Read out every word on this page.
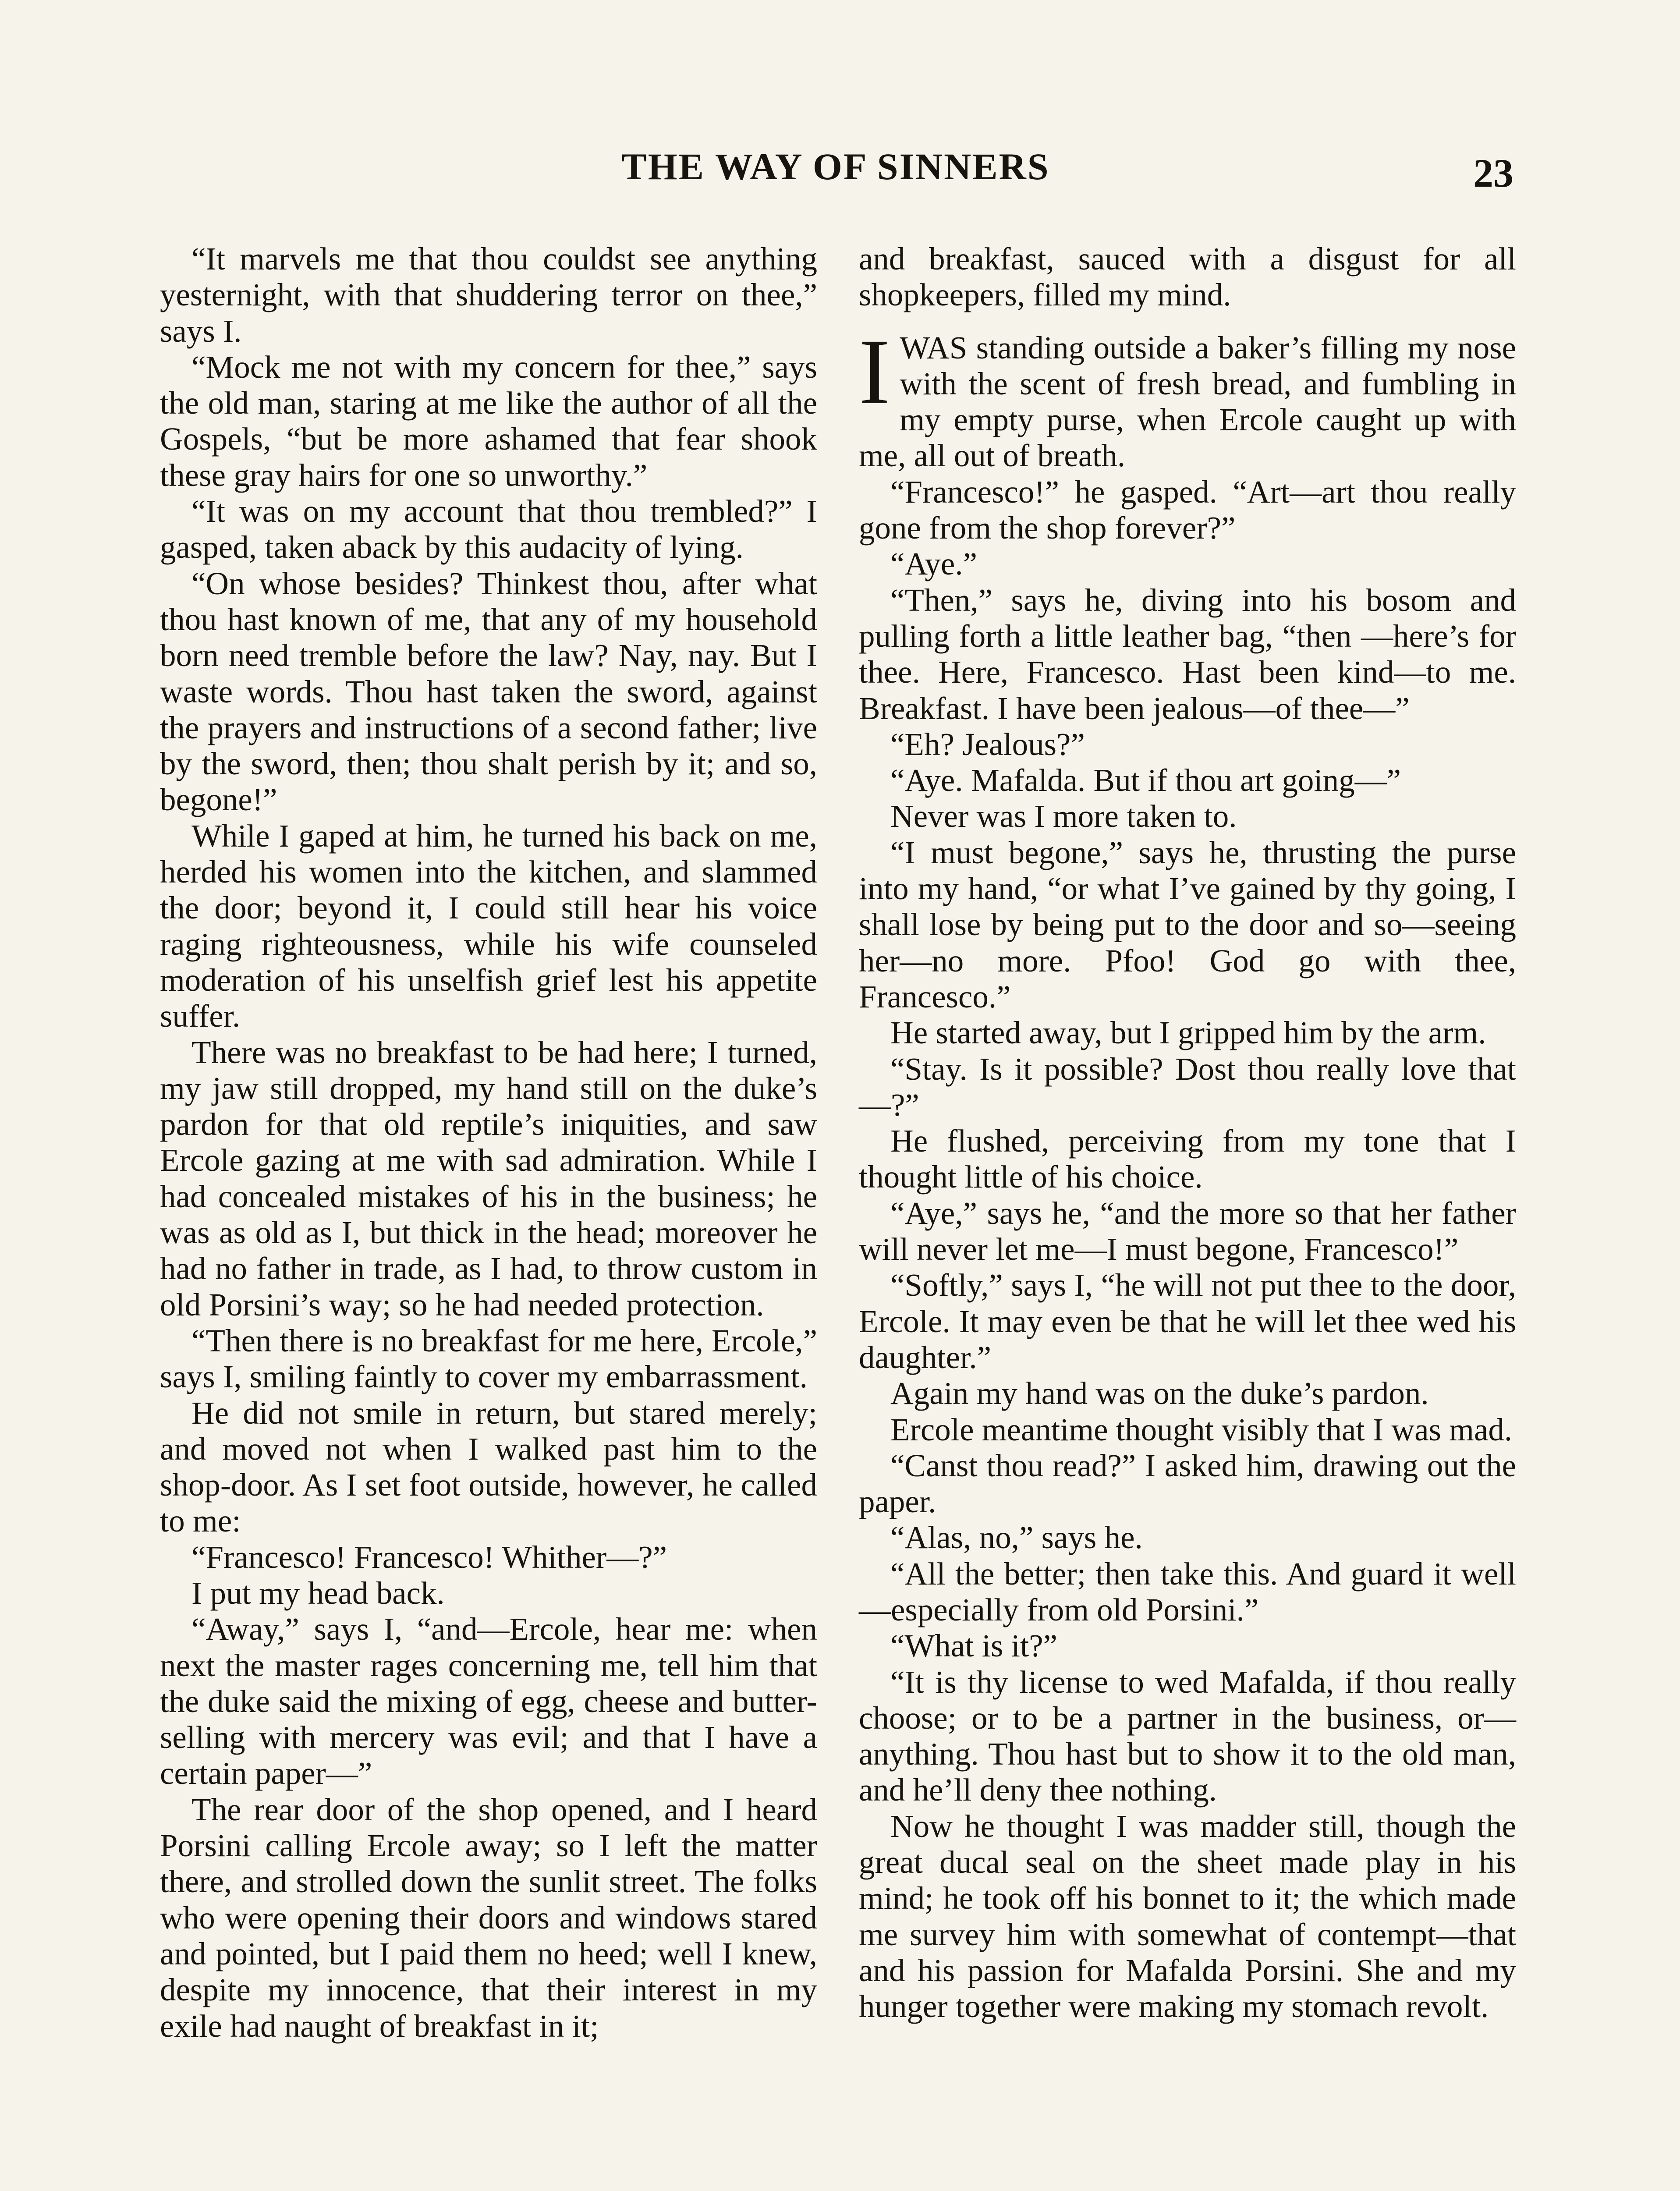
THE WAY OF SINNERS	23

“It marvels me that thou couldst see anything yesternight, with that shuddering terror on thee,” says I.

“Mock me not with my concern for thee,” says the old man, staring at me like the author of all the Gospels, “but be more ashamed that fear shook these gray hairs for one so unworthy.”

“It was on my account that thou trembled?” I gasped, taken aback by this audacity of lying.

“On whose besides? Thinkest thou, after what thou hast known of me, that any of my household born need tremble before the law? Nay, nay. But I waste words. Thou hast taken the sword, against the prayers and instructions of a second father; live by the sword, then; thou shalt perish by it; and so, begone!”

While I gaped at him, he turned his back on me, herded his women into the kitchen, and slammed the door; beyond it, I could still hear his voice raging righteousness, while his wife counseled moderation of his unselfish grief lest his appetite suffer.

There was no breakfast to be had here; I turned, my jaw still dropped, my hand still on the duke’s pardon for that old reptile’s iniquities, and saw Ercole gazing at me with sad admiration. While I had concealed mistakes of his in the business; he was as old as I, but thick in the head; moreover he had no father in trade, as I had, to throw custom in old Porsini’s way; so he had needed protection.

“Then there is no breakfast for me here, Ercole,” says I, smiling faintly to cover my embarrassment.

He did not smile in return, but stared merely; and moved not when I walked past him to the shop-door. As I set foot outside, however, he called to me:

“Francesco! Francesco! Whither—?”

I put my head back.

“Away,” says I, “and—Ercole, hear me: when next the master rages concerning me, tell him that the duke said the mixing of egg, cheese and butter-selling with mercery was evil; and that I have a certain paper—”

The rear door of the shop opened, and I heard Porsini calling Ercole away; so I left the matter there, and strolled down the sunlit street. The folks who were opening their doors and windows stared and pointed, but I paid them no heed; well I knew, despite my innocence, that their interest in my exile had naught of breakfast in it;

and breakfast, sauced with a disgust for all shopkeepers, filled my mind.

IWAS standing outside a baker’s filling my nose with the scent of fresh bread, and fumbling in my empty purse, when Ercole caught up with me, all out of breath.

“Francesco!” he gasped. “Art—art thou really gone from the shop forever?”

“Aye.”

“Then,” says he, diving into his bosom and pulling forth a little leather bag, “then —here’s for thee. Here, Francesco. Hast been kind—to me. Breakfast. I have been jealous—of thee—”

“Eh? Jealous?”

“Aye. Mafalda. But if thou art going—”

Never was I more taken to.

“I must begone,” says he, thrusting the purse into my hand, “or what I’ve gained by thy going, I shall lose by being put to the door and so—seeing her—no more. Pfoo! God go with thee, Francesco.”

He started away, but I gripped him by the arm.

“Stay. Is it possible? Dost thou really love that—?”

He flushed, perceiving from my tone that I thought little of his choice.

“Aye,” says he, “and the more so that her father will never let me—I must begone, Francesco!”

“Softly,” says I, “he will not put thee to the door, Ercole. It may even be that he will let thee wed his daughter.”

Again my hand was on the duke’s pardon.

Ercole meantime thought visibly that I was mad.

“Canst thou read?” I asked him, drawing out the paper.

“Alas, no,” says he.

“All the better; then take this. And guard it well—especially from old Porsini.”

“What is it?”

“It is thy license to wed Mafalda, if thou really choose; or to be a partner in the business, or—anything. Thou hast but to show it to the old man, and he’ll deny thee nothing.

Now he thought I was madder still, though the great ducal seal on the sheet made play in his mind; he took off his bonnet to it; the which made me survey him with somewhat of contempt—that and his passion for Mafalda Porsini. She and my hunger together were making my stomach revolt.
